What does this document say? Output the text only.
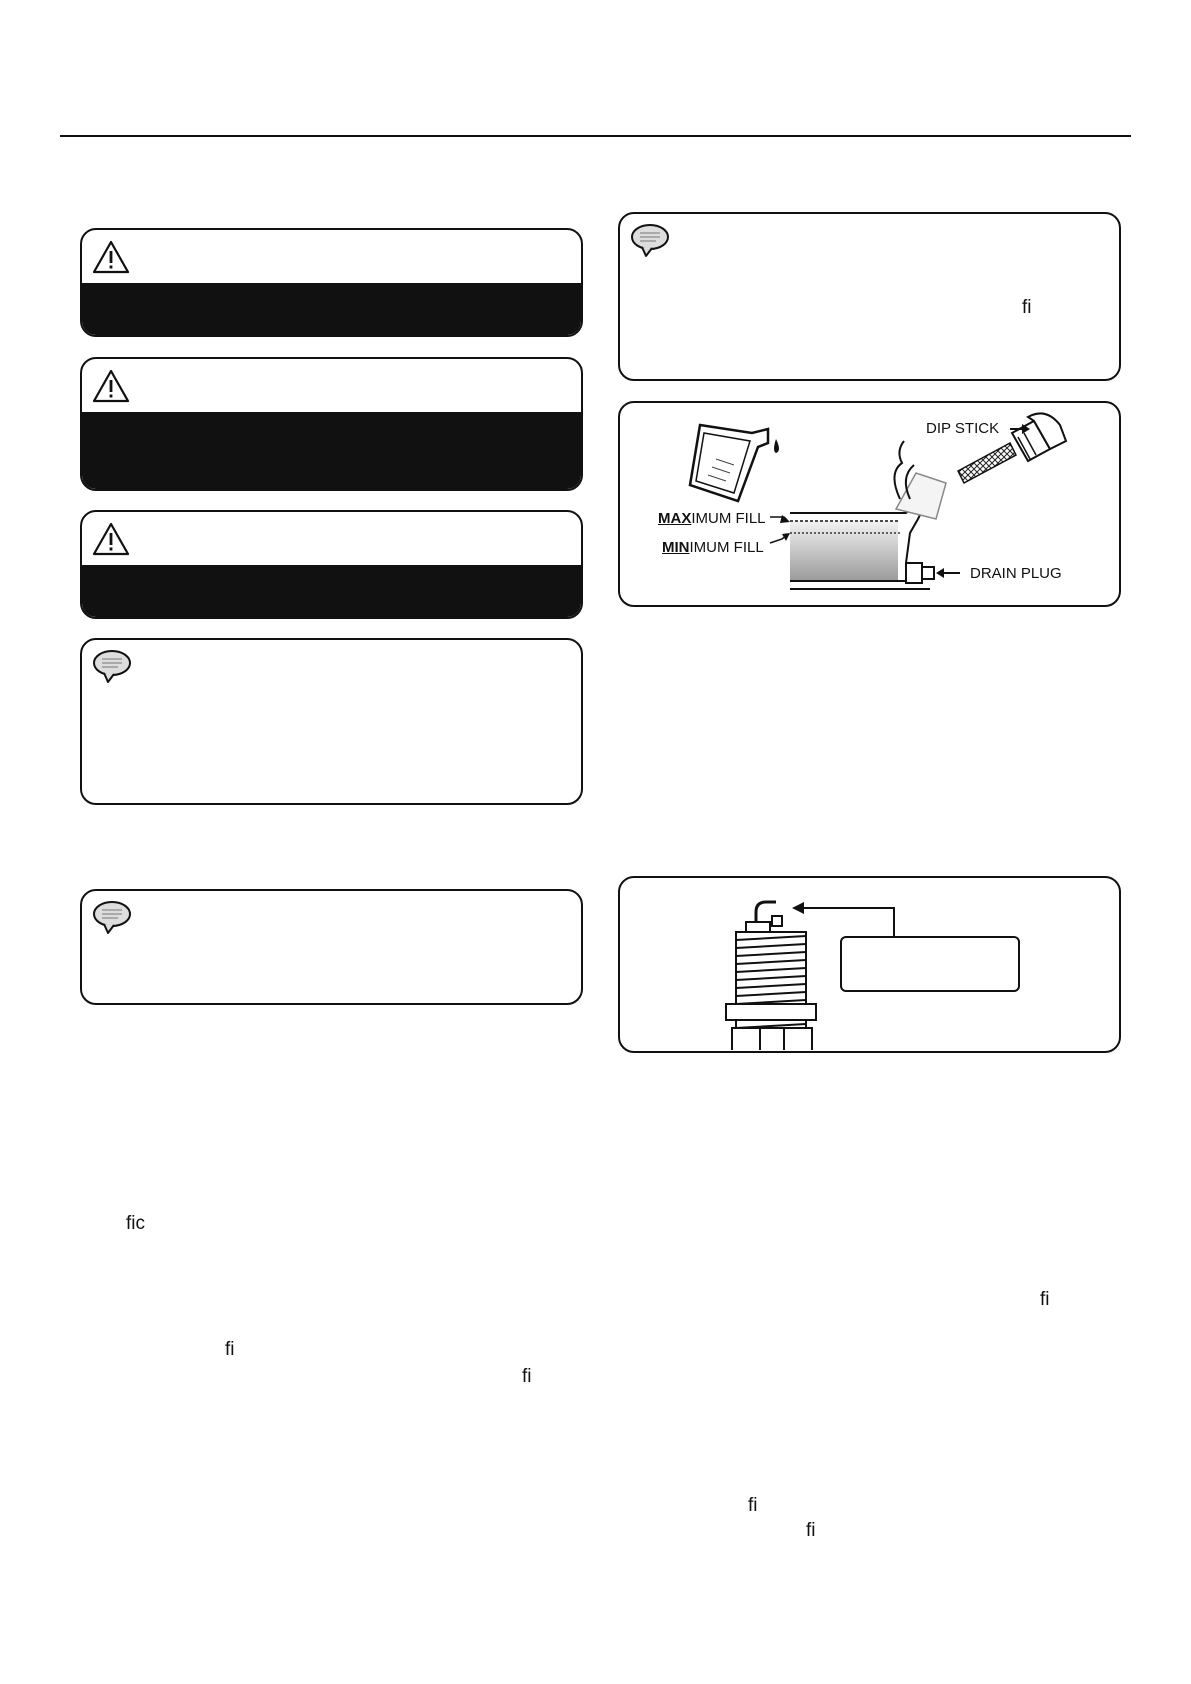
fi
DIP STICK
MAXIMUM FILL
MINIMUM FILL
DRAIN PLUG
fic
fi
fi
fi
fi
fi
